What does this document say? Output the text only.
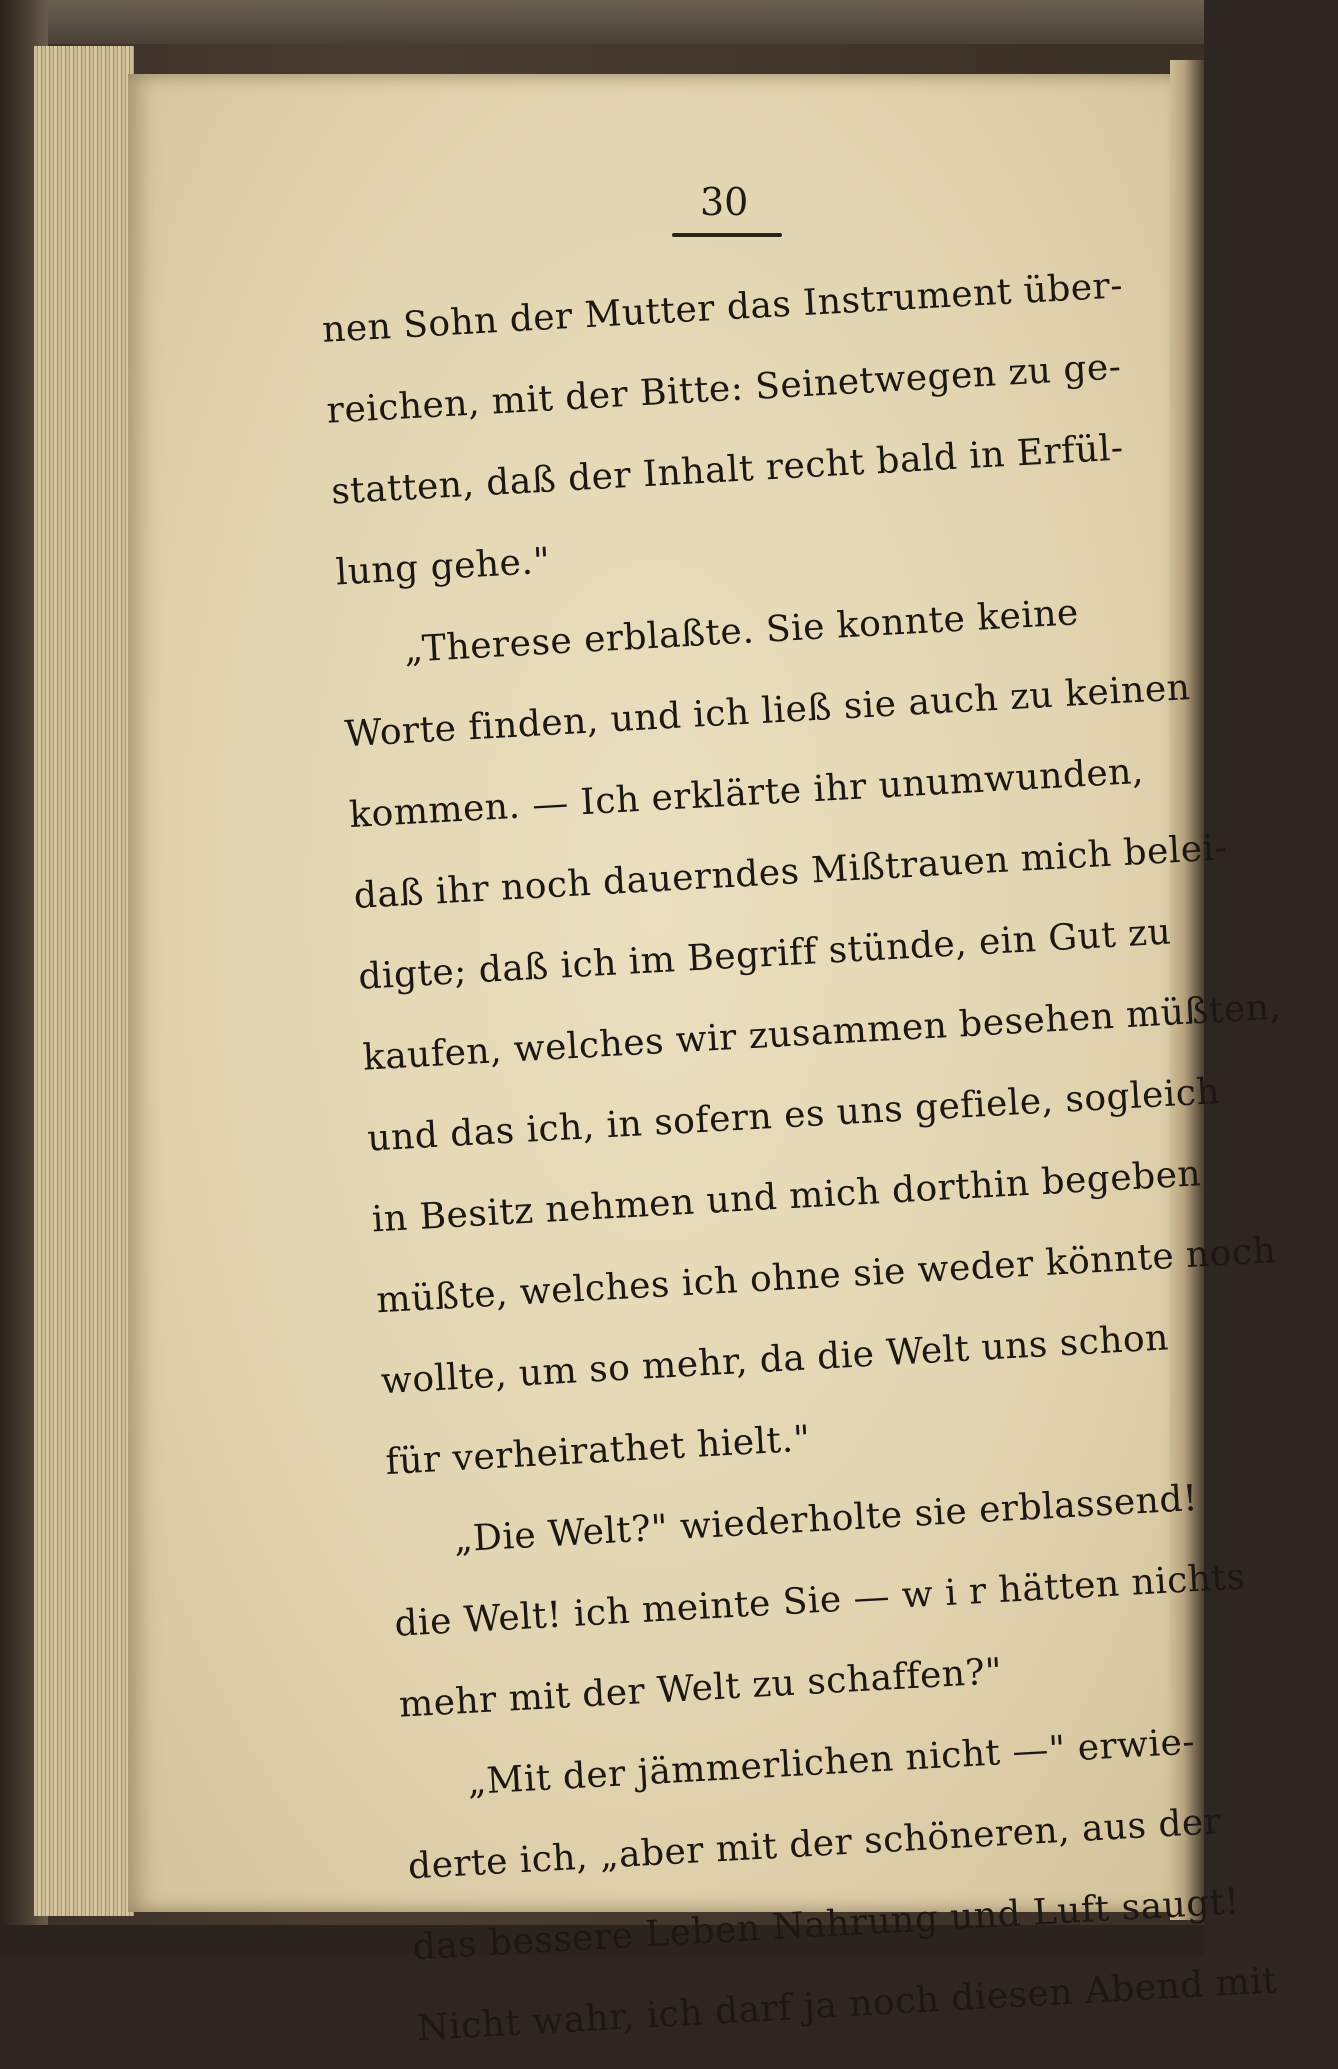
30
nen Sohn der Mutter das Instrument über-
reichen, mit der Bitte: Seinetwegen zu ge-
statten, daß der Inhalt recht bald in Erfül-
lung gehe."
„Therese erblaßte. Sie konnte keine
Worte finden, und ich ließ sie auch zu keinen
kommen. — Ich erklärte ihr unumwunden,
daß ihr noch dauerndes Mißtrauen mich belei-
digte; daß ich im Begriff stünde, ein Gut zu
kaufen, welches wir zusammen besehen müßten,
und das ich, in sofern es uns gefiele, sogleich
in Besitz nehmen und mich dorthin begeben
müßte, welches ich ohne sie weder könnte noch
wollte, um so mehr, da die Welt uns schon
für verheirathet hielt."
„Die Welt?" wiederholte sie erblassend!
die Welt! ich meinte Sie — w i r hätten nichts
mehr mit der Welt zu schaffen?"
„Mit der jämmerlichen nicht —" erwie-
derte ich, „aber mit der schöneren, aus der
das bessere Leben Nahrung und Luft saugt!
Nicht wahr, ich darf ja noch diesen Abend mit
